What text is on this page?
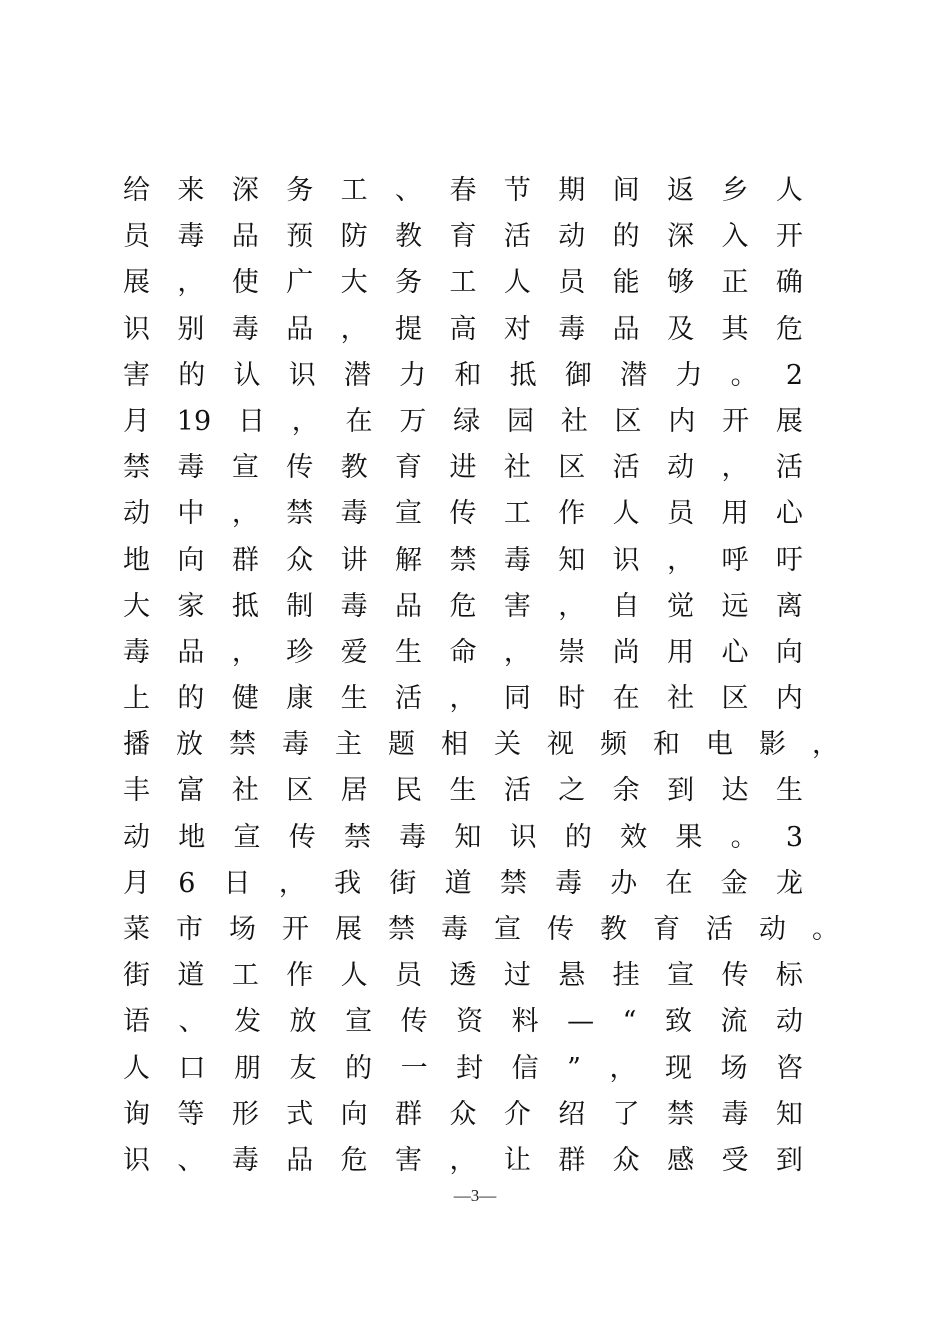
给 来 深 务 工 、 春 节 期 间 返 乡 人
员 毒 品 预 防 教 育 活 动 的 深 入 开
展 ， 使 广 大 务 工 人 员 能 够 正 确
识 别 毒 品 ， 提 高 对 毒 品 及 其 危
害 的 认 识 潜 力 和 抵 御 潜 力 。 2
月 19 日 ， 在 万 绿 园 社 区 内 开 展
禁 毒 宣 传 教 育 进 社 区 活 动 ， 活
动 中 ， 禁 毒 宣 传 工 作 人 员 用 心
地 向 群 众 讲 解 禁 毒 知 识 ， 呼 吁
大 家 抵 制 毒 品 危 害 ， 自 觉 远 离
毒 品 ， 珍 爱 生 命 ， 崇 尚 用 心 向
上 的 健 康 生 活 ， 同 时 在 社 区 内
播 放 禁 毒 主 题 相 关 视 频 和 电 影 ，
丰 富 社 区 居 民 生 活 之 余 到 达 生
动 地 宣 传 禁 毒 知 识 的 效 果 。 3
月 6 日 ， 我 街 道 禁 毒 办 在 金 龙
菜 市 场 开 展 禁 毒 宣 传 教 育 活 动 。
街 道 工 作 人 员 透 过 悬 挂 宣 传 标
语 、 发 放 宣 传 资 料 — “ 致 流 动
人 口 朋 友 的 一 封 信 ” ， 现 场 咨
询 等 形 式 向 群 众 介 绍 了 禁 毒 知
识 、 毒 品 危 害 ， 让 群 众 感 受 到
—3—
